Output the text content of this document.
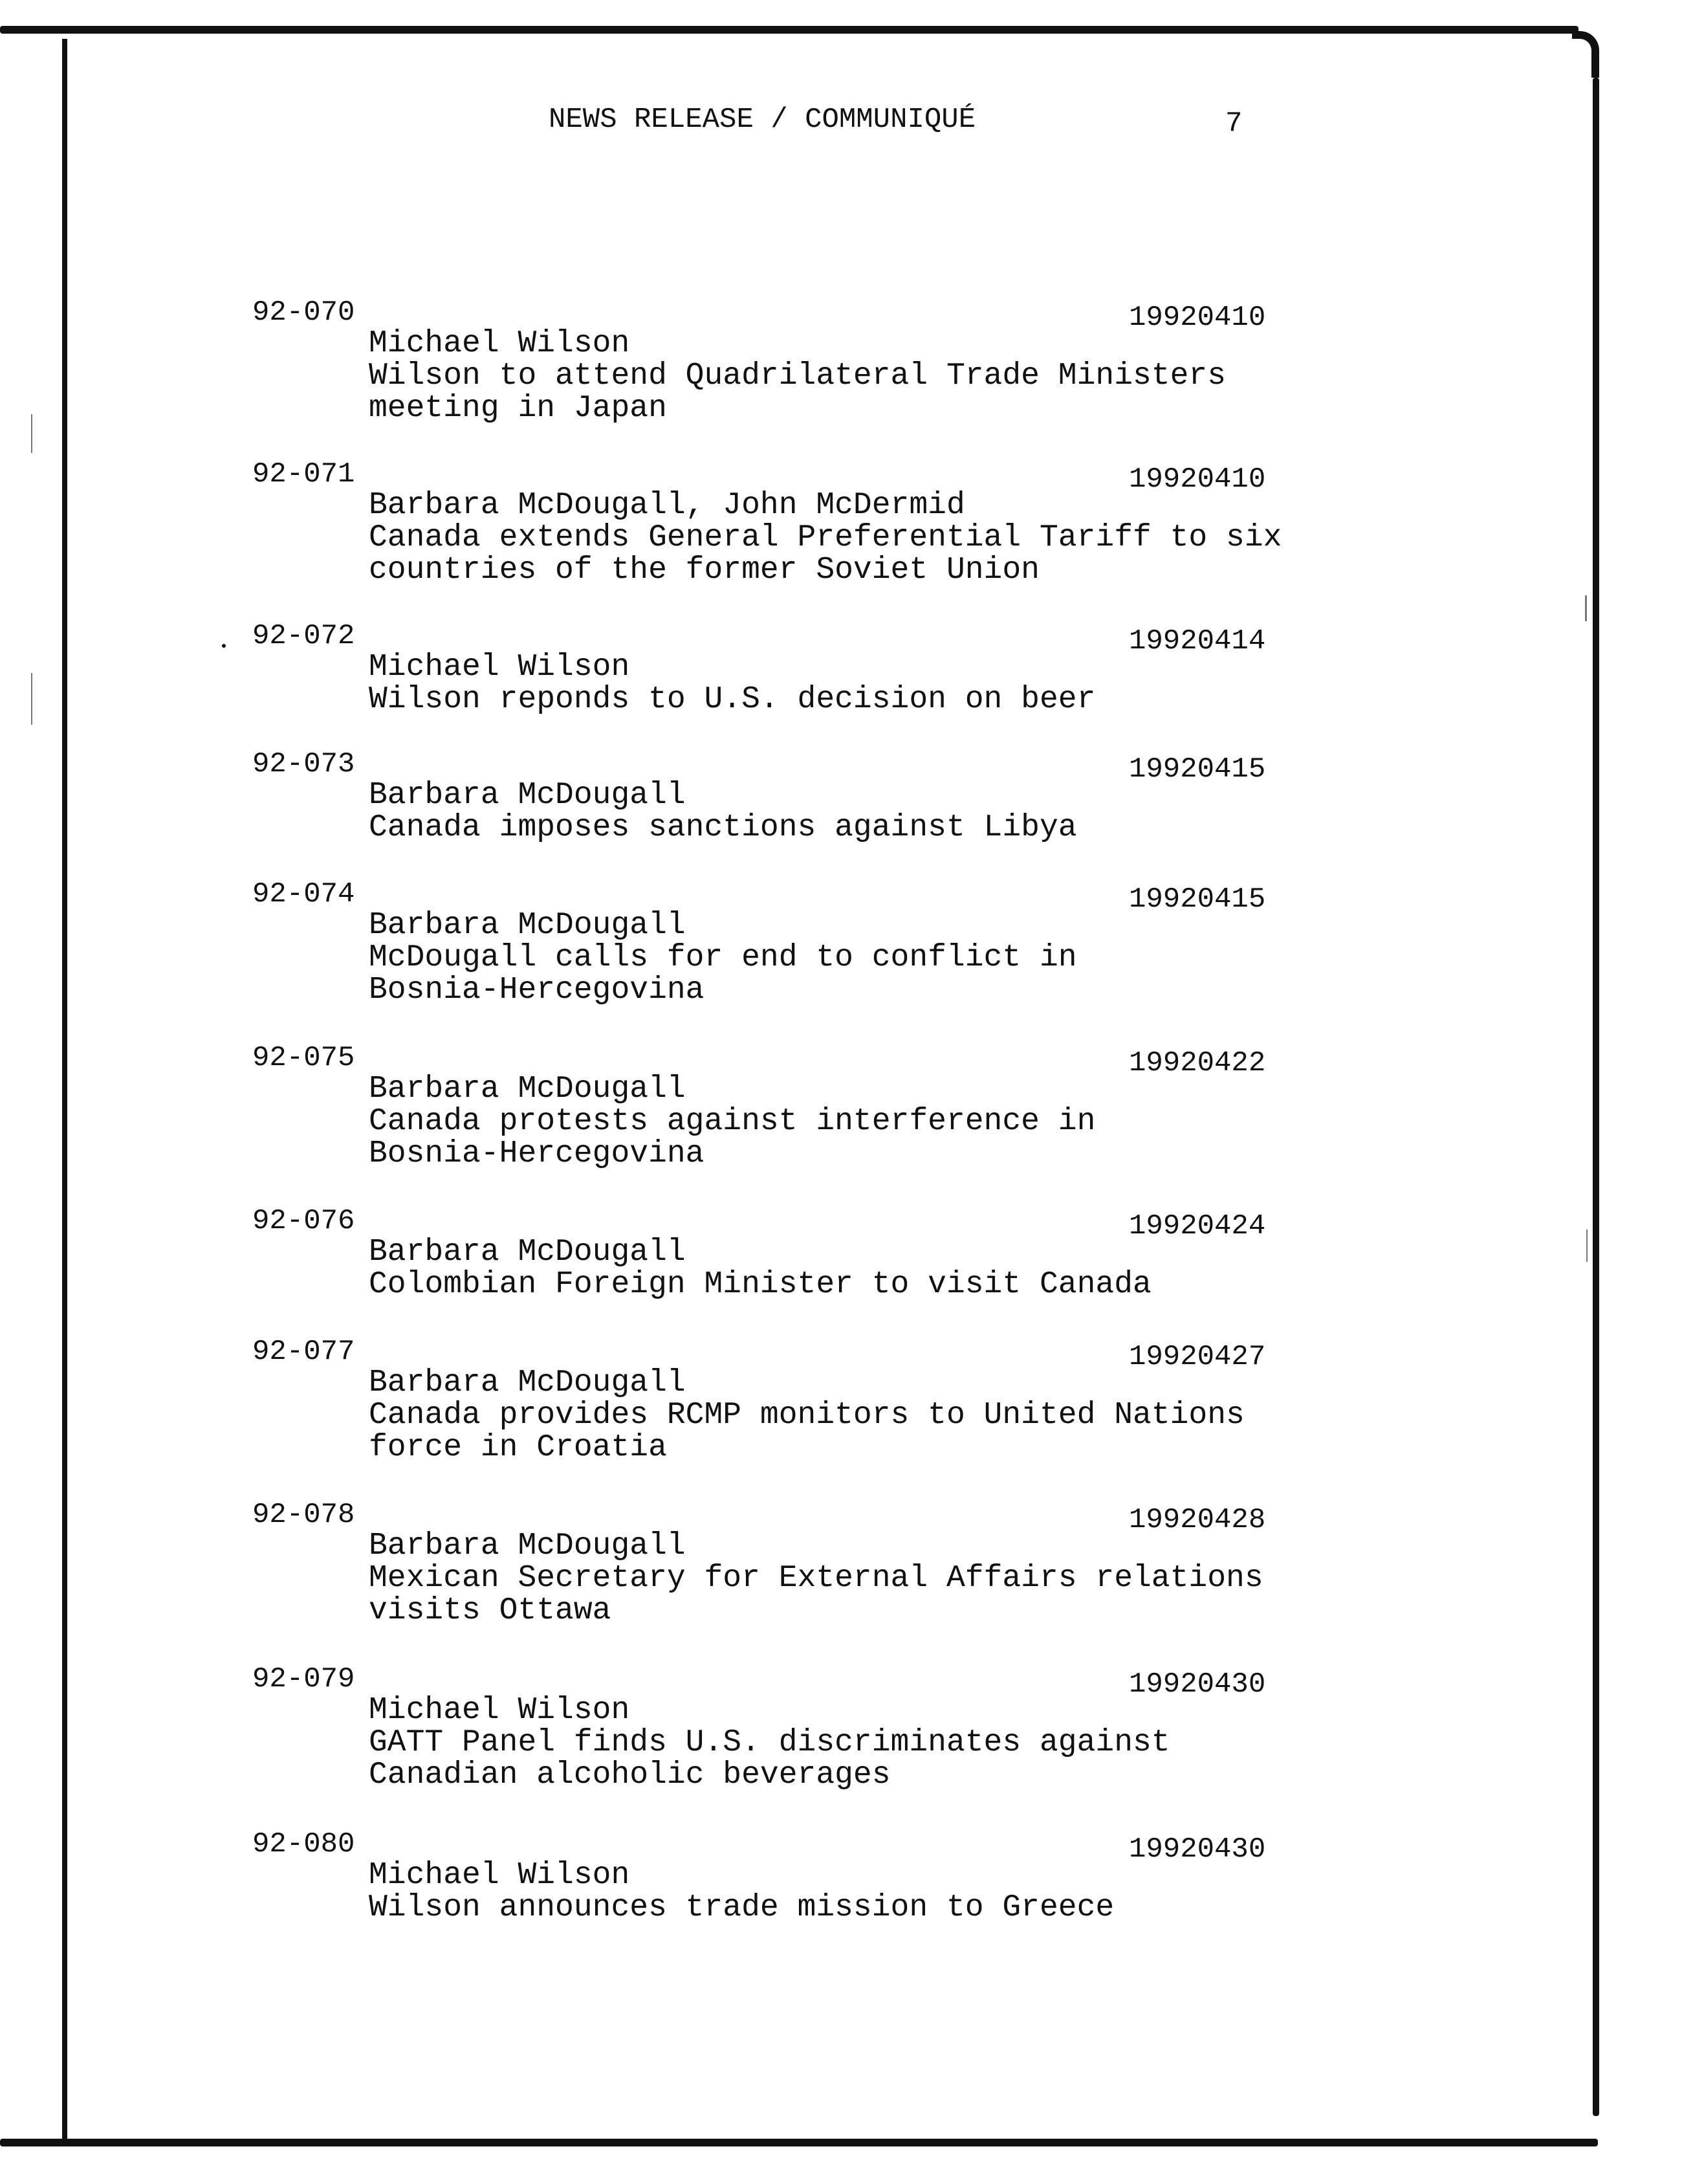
NEWS RELEASE / COMMUNIQUÉ	7
92-070	19920410
Michael Wilson
Wilson to attend Quadrilateral Trade Ministers
meeting in Japan
92-071	19920410
Barbara McDougall, John McDermid
Canada extends General Preferential Tariff to six
countries of the former Soviet Union
92-072	19920414
Michael Wilson
Wilson reponds to U.S. decision on beer
92-073	19920415
Barbara McDougall
Canada imposes sanctions against Libya
92-074	19920415
Barbara McDougall
McDougall calls for end to conflict in
Bosnia-Hercegovina
92-075	19920422
Barbara McDougall
Canada protests against interference in
Bosnia-Hercegovina
92-076	19920424
Barbara McDougall
Colombian Foreign Minister to visit Canada
92-077	19920427
Barbara McDougall
Canada provides RCMP monitors to United Nations
force in Croatia
92-078	19920428
Barbara McDougall
Mexican Secretary for External Affairs relations
visits Ottawa
92-079	19920430
Michael Wilson
GATT Panel finds U.S. discriminates against
Canadian alcoholic beverages
92-080	19920430
Michael Wilson
Wilson announces trade mission to Greece
